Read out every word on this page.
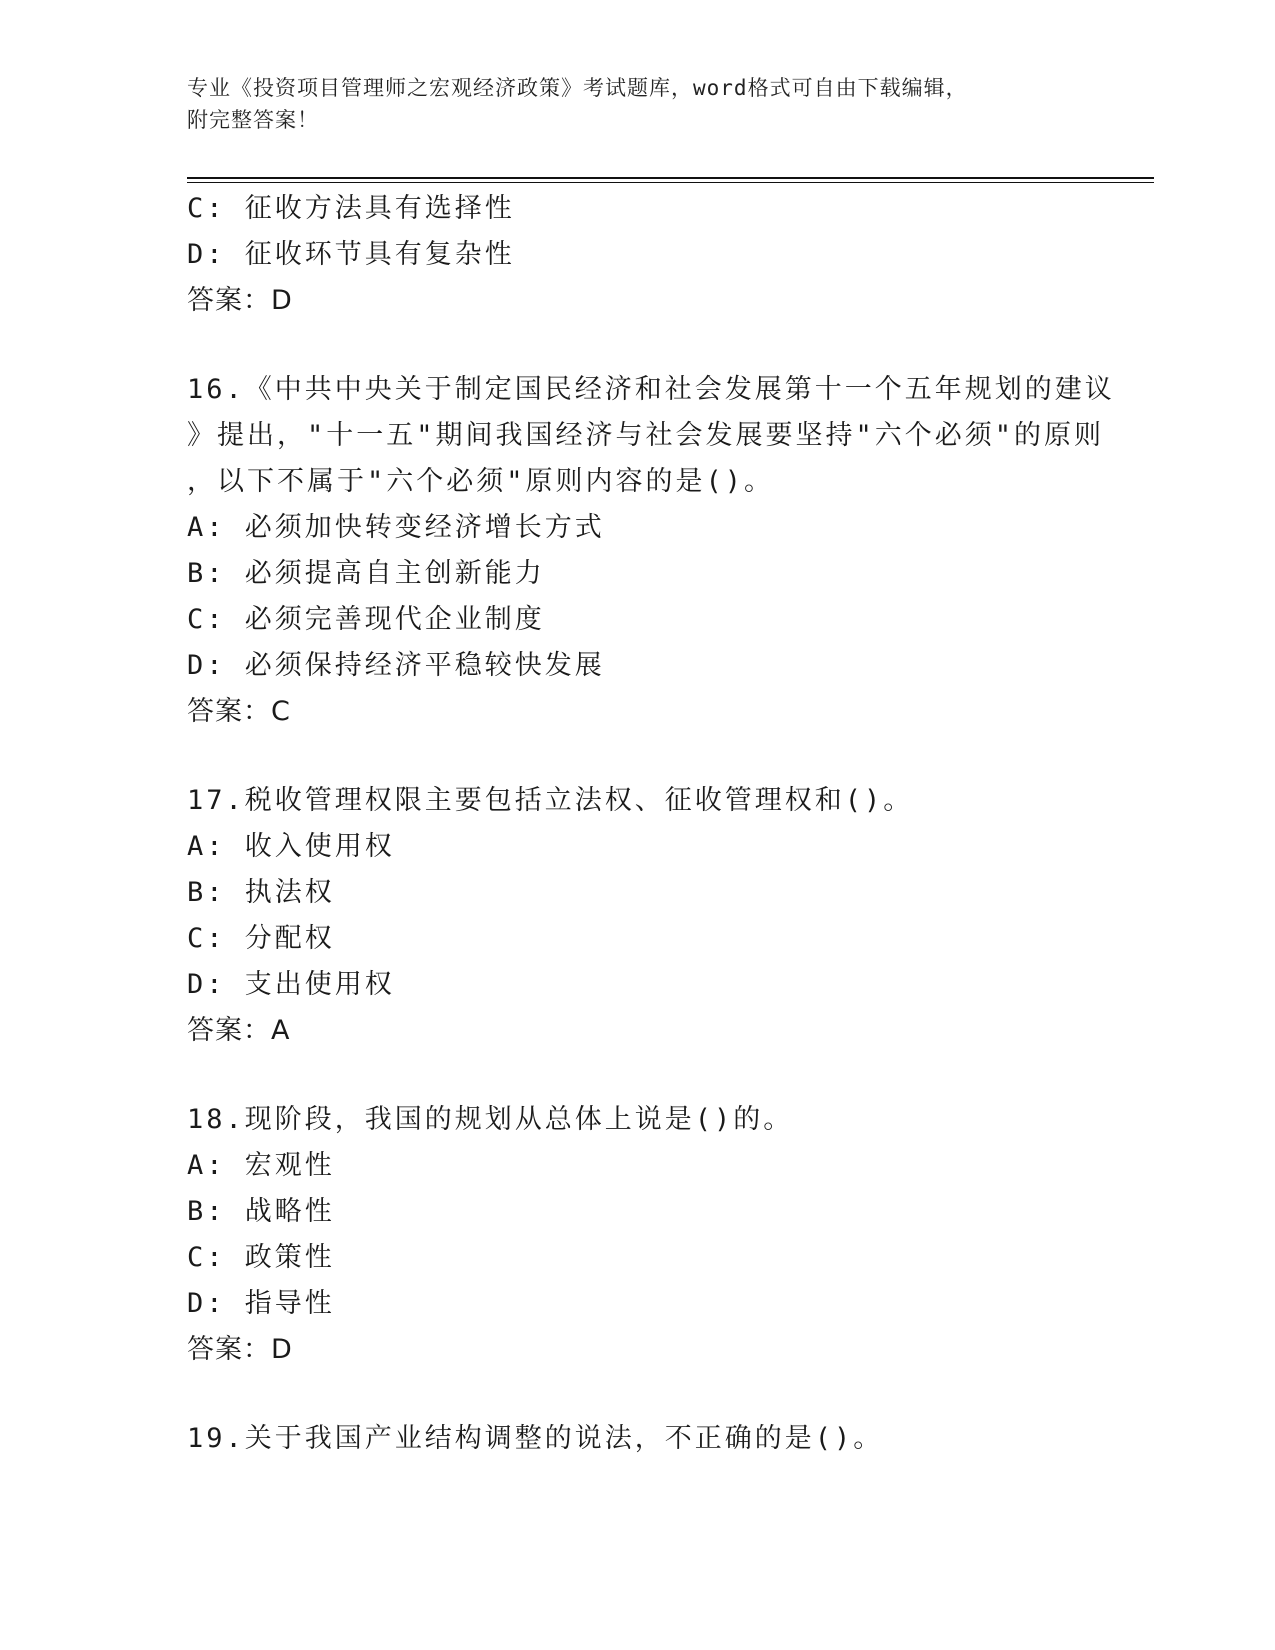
专业《投资项目管理师之宏观经济政策》考试题库，word格式可自由下载编辑，
附完整答案！
C: 征收方法具有选择性
D: 征收环节具有复杂性
答案：D
16.《中共中央关于制定国民经济和社会发展第十一个五年规划的建议
》提出，"十一五"期间我国经济与社会发展要坚持"六个必须"的原则
，以下不属于"六个必须"原则内容的是()。
A: 必须加快转变经济增长方式
B: 必须提高自主创新能力
C: 必须完善现代企业制度
D: 必须保持经济平稳较快发展
答案：C
17.税收管理权限主要包括立法权、征收管理权和()。
A: 收入使用权
B: 执法权
C: 分配权
D: 支出使用权
答案：A
18.现阶段，我国的规划从总体上说是()的。
A: 宏观性
B: 战略性
C: 政策性
D: 指导性
答案：D
19.关于我国产业结构调整的说法，不正确的是()。
